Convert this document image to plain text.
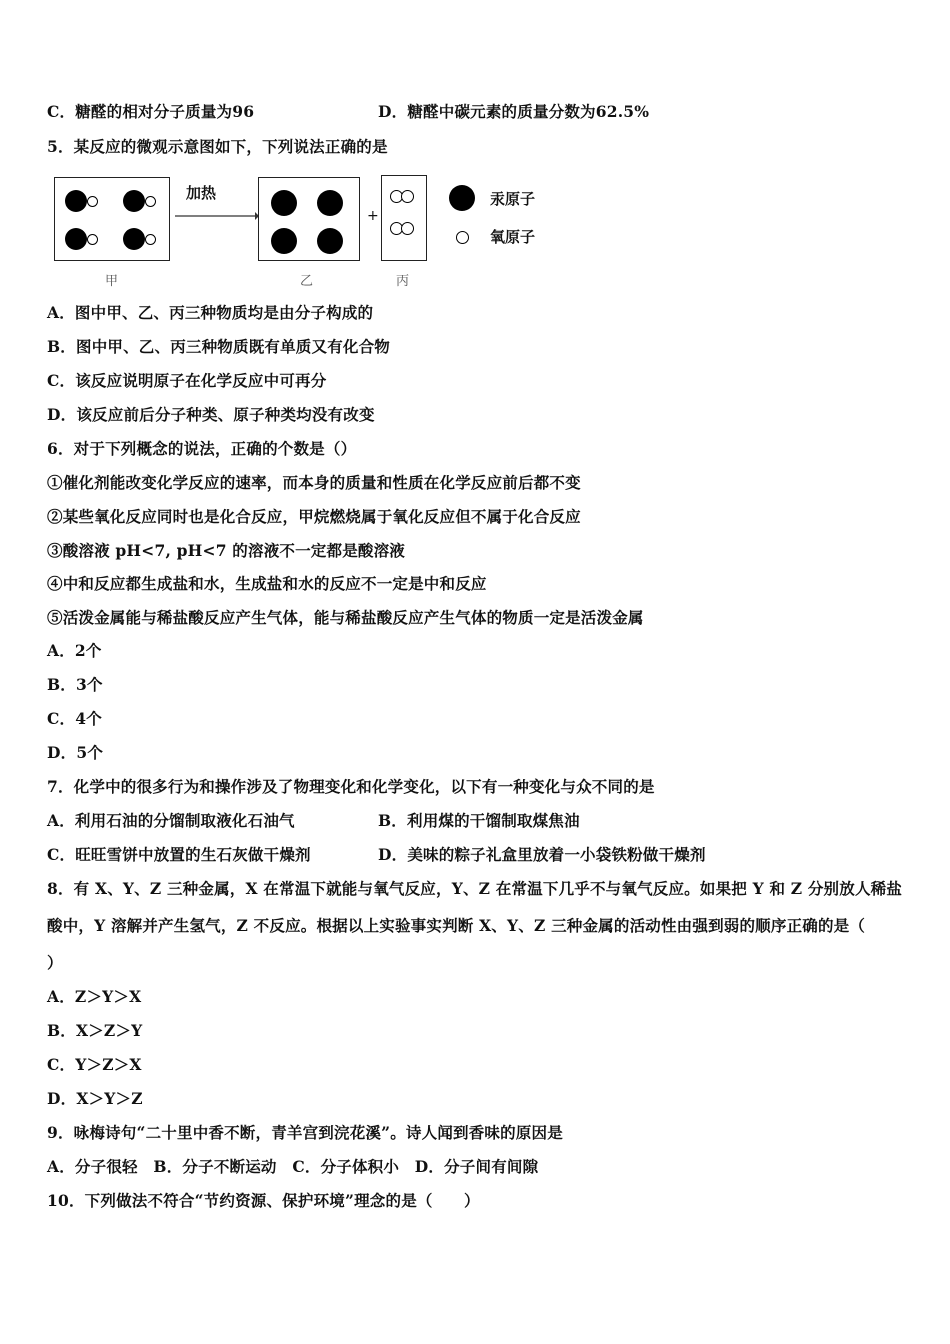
C．糖醛的相对分子质量为96	D．糖醛中碳元素的质量分数为62.5%
5．某反应的微观示意图如下，下列说法正确的是
加热
+
汞原子
氧原子
甲	乙	丙
A．图中甲、乙、丙三种物质均是由分子构成的
B．图中甲、乙、丙三种物质既有单质又有化合物
C．该反应说明原子在化学反应中可再分
D．该反应前后分子种类、原子种类均没有改变
6．对于下列概念的说法，正确的个数是（）
①催化剂能改变化学反应的速率，而本身的质量和性质在化学反应前后都不变
②某些氧化反应同时也是化合反应，甲烷燃烧属于氧化反应但不属于化合反应
③酸溶液 pH<7, pH<7 的溶液不一定都是酸溶液
④中和反应都生成盐和水，生成盐和水的反应不一定是中和反应
⑤活泼金属能与稀盐酸反应产生气体，能与稀盐酸反应产生气体的物质一定是活泼金属
A．2个
B．3个
C．4个
D．5个
7．化学中的很多行为和操作涉及了物理变化和化学变化，以下有一种变化与众不同的是
A．利用石油的分馏制取液化石油气	B．利用煤的干馏制取煤焦油
C．旺旺雪饼中放置的生石灰做干燥剂	D．美味的粽子礼盒里放着一小袋铁粉做干燥剂
8．有 X、Y、Z 三种金属，X 在常温下就能与氧气反应，Y、Z 在常温下几乎不与氧气反应。如果把 Y 和 Z 分别放人稀盐
酸中，Y 溶解并产生氢气，Z 不反应。根据以上实验事实判断 X、Y、Z 三种金属的活动性由强到弱的顺序正确的是（
）
A．Z＞Y＞X
B．X＞Z＞Y
C．Y＞Z＞X
D．X＞Y＞Z
9．咏梅诗句“二十里中香不断，青羊宫到浣花溪”。诗人闻到香味的原因是
A．分子很轻　B．分子不断运动　C．分子体积小　D．分子间有间隙
10．下列做法不符合“节约资源、保护环境”理念的是（　　）
